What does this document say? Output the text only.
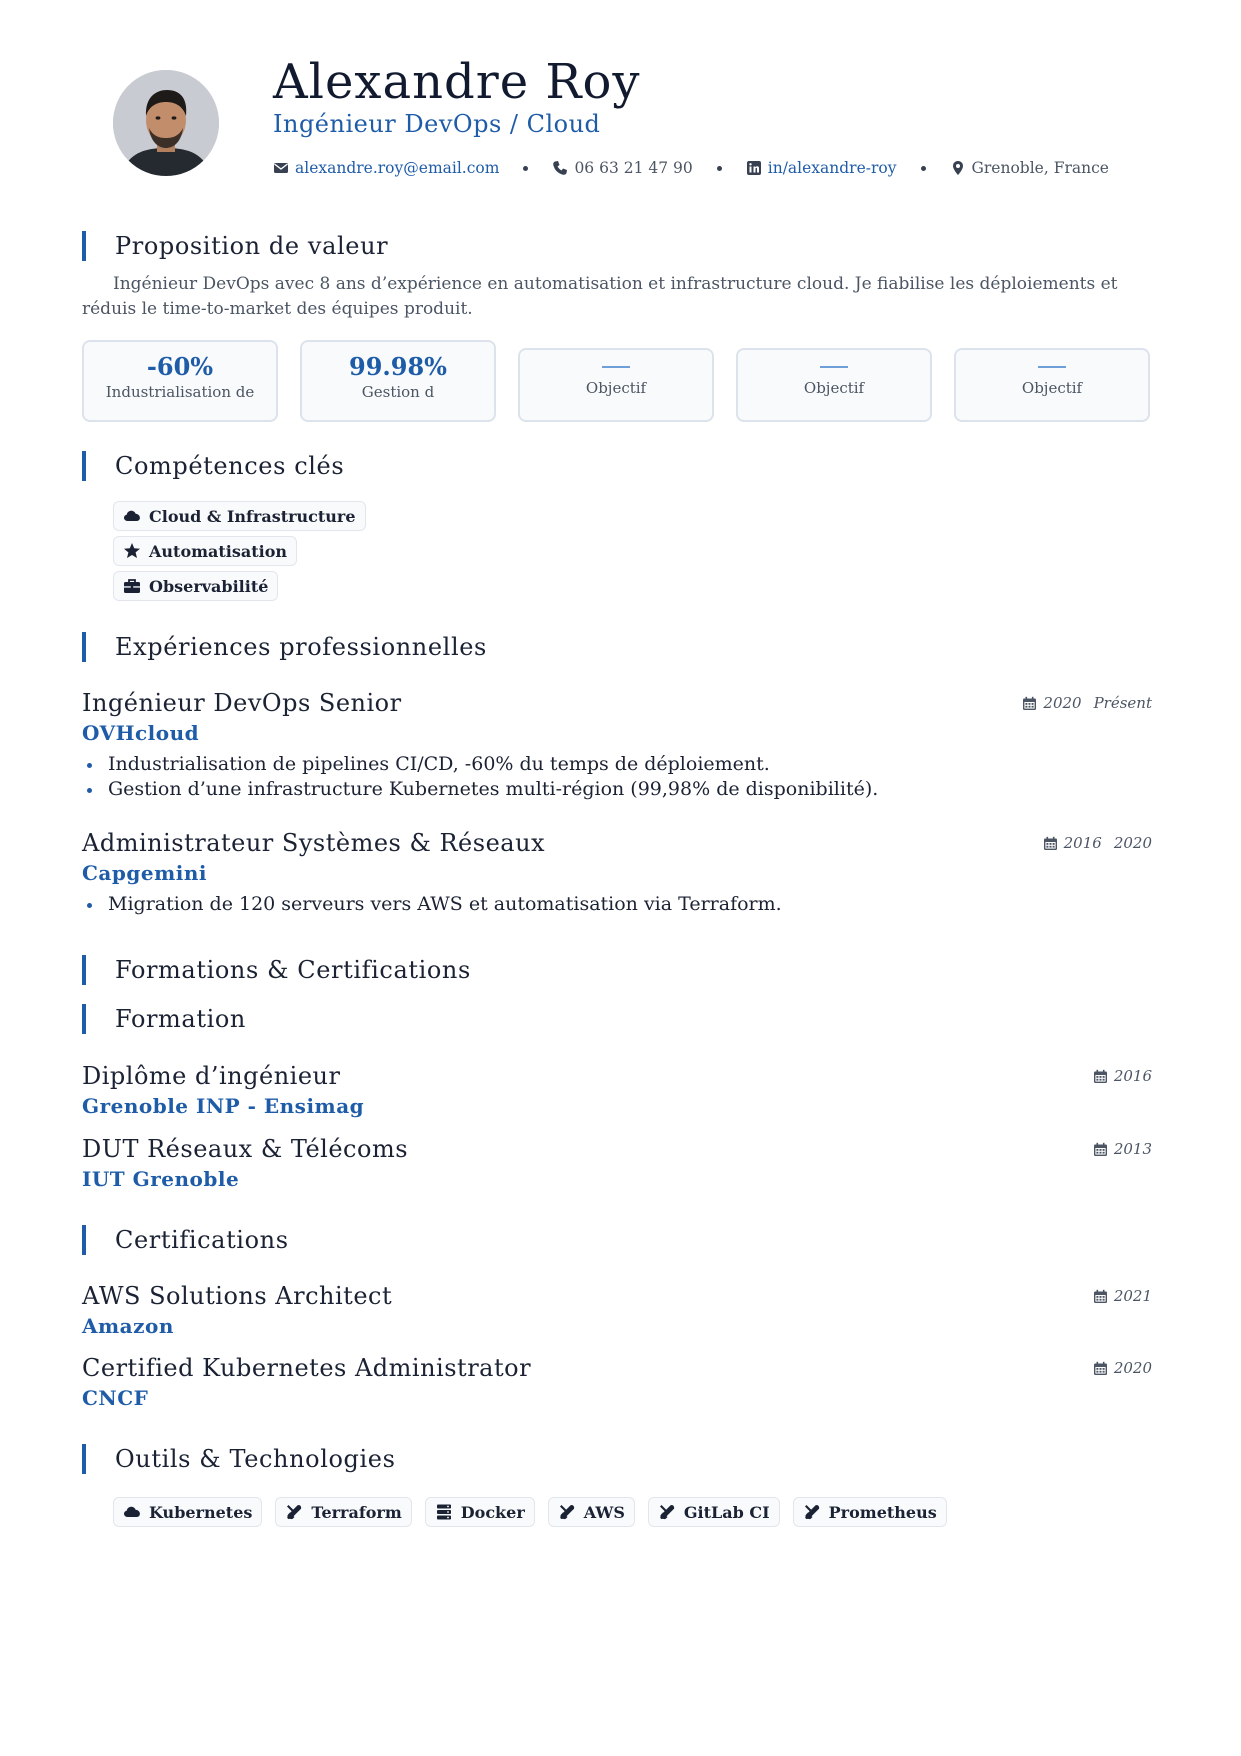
Alexandre Roy
Ingénieur DevOps / Cloud
alexandre.roy@email.com	06 63 21 47 90	in/alexandre-roy	Grenoble, France
Proposition de valeur
Ingénieur DevOps avec 8 ans d’expérience en automatisation et infrastructure cloud. Je fiabilise les déploiements et réduis le time-to-market des équipes produit.
-60%
Industrialisation de
99.98%
Gestion d	Objectif	Objectif	Objectif
Compétences clés
Cloud & Infrastructure
Automatisation
Observabilité
Expériences professionnelles
Ingénieur DevOps Senior
OVHcloud
2020 Présent
Industrialisation de pipelines CI/CD, -60% du temps de déploiement.
Gestion d’une infrastructure Kubernetes multi-région (99,98% de disponibilité).
Administrateur Systèmes & Réseaux
Capgemini
2016 2020
Migration de 120 serveurs vers AWS et automatisation via Terraform.
Formations & Certifications
Formation
Diplôme d’ingénieur
Grenoble INP - Ensimag
2016
DUT Réseaux & Télécoms
IUT Grenoble
2013
Certifications
AWS Solutions Architect
Amazon
2021
Certified Kubernetes Administrator
CNCF
2020
Outils & Technologies
Kubernetes	Terraform	Docker	AWS	GitLab CI	Prometheus
